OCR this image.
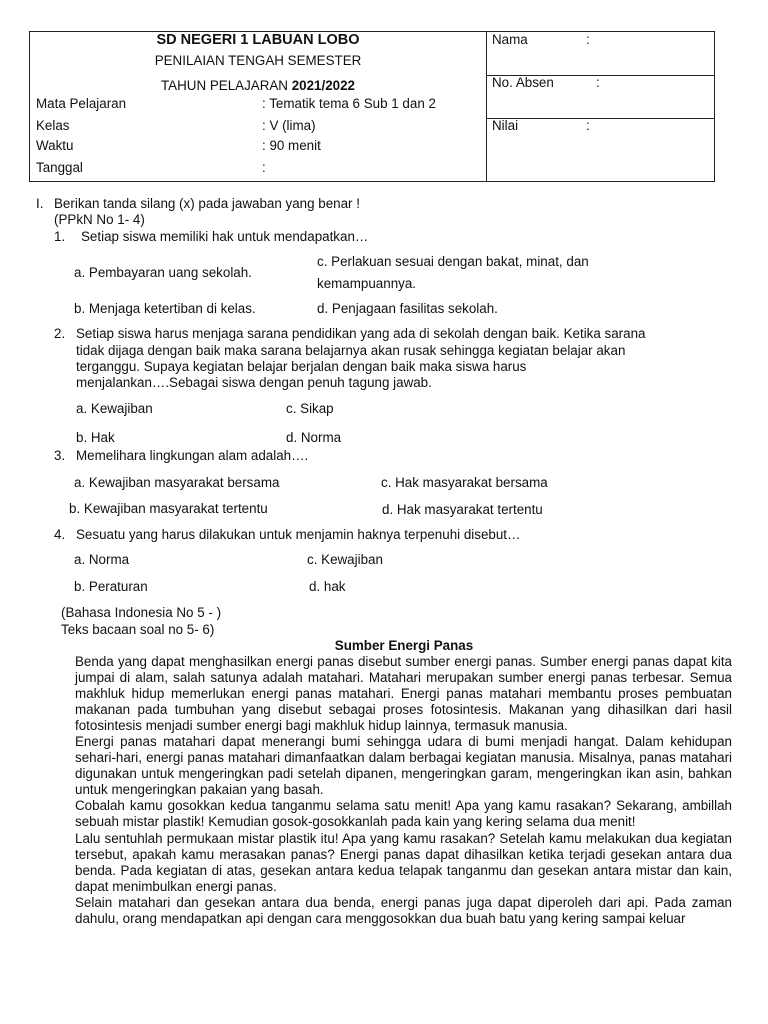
SD NEGERI 1 LABUAN LOBO
PENILAIAN TENGAH SEMESTER
TAHUN PELAJARAN 2021/2022
Mata Pelajaran	: Tematik tema 6 Sub 1 dan 2
Kelas	: V (lima)
Waktu	: 90 menit
Tanggal	:
Nama	:
No. Absen	:
Nilai	:
I. Berikan tanda silang (x) pada jawaban yang benar !
(PPkN No 1- 4)
1. Setiap siswa memiliki hak untuk mendapatkan…
a. Pembayaran uang sekolah.
c. Perlakuan sesuai dengan bakat, minat, dan
kemampuannya.
b. Menjaga ketertiban di kelas.	d. Penjagaan fasilitas sekolah.
2. Setiap siswa harus menjaga sarana pendidikan yang ada di sekolah dengan baik. Ketika sarana
tidak dijaga dengan baik maka sarana belajarnya akan rusak sehingga kegiatan belajar akan
terganggu. Supaya kegiatan belajar berjalan dengan baik maka siswa harus
menjalankan….Sebagai siswa dengan penuh tagung jawab.
a. Kewajiban	c. Sikap
b. Hak	d. Norma
3. Memelihara lingkungan alam adalah….
a. Kewajiban masyarakat bersama	c. Hak masyarakat bersama
b. Kewajiban masyarakat tertentu	d. Hak masyarakat tertentu
4. Sesuatu yang harus dilakukan untuk menjamin haknya terpenuhi disebut…
a. Norma	c. Kewajiban
b. Peraturan	d. hak
(Bahasa Indonesia No 5 - )
Teks bacaan soal no 5- 6)
Sumber Energi Panas

Benda yang dapat menghasilkan energi panas disebut sumber energi panas. Sumber energi panas dapat kita jumpai di alam, salah satunya adalah matahari. Matahari merupakan sumber energi panas terbesar. Semua makhluk hidup memerlukan energi panas matahari. Energi panas matahari membantu proses pembuatan makanan pada tumbuhan yang disebut sebagai proses fotosintesis. Makanan yang dihasilkan dari hasil fotosintesis menjadi sumber energi bagi makhluk hidup lainnya, termasuk manusia.

Energi panas matahari dapat menerangi bumi sehingga udara di bumi menjadi hangat. Dalam kehidupan sehari-hari, energi panas matahari dimanfaatkan dalam berbagai kegiatan manusia. Misalnya, panas matahari digunakan untuk mengeringkan padi setelah dipanen, mengeringkan garam, mengeringkan ikan asin, bahkan untuk mengeringkan pakaian yang basah.

Cobalah kamu gosokkan kedua tanganmu selama satu menit! Apa yang kamu rasakan? Sekarang, ambillah sebuah mistar plastik! Kemudian gosok-gosokkanlah pada kain yang kering selama dua menit!

Lalu sentuhlah permukaan mistar plastik itu! Apa yang kamu rasakan? Setelah kamu melakukan dua kegiatan tersebut, apakah kamu merasakan panas? Energi panas dapat dihasilkan ketika terjadi gesekan antara dua benda. Pada kegiatan di atas, gesekan antara kedua telapak tanganmu dan gesekan antara mistar dan kain, dapat menimbulkan energi panas.

Selain matahari dan gesekan antara dua benda, energi panas juga dapat diperoleh dari api. Pada zaman dahulu, orang mendapatkan api dengan cara menggosokkan dua buah batu yang kering sampai keluar
